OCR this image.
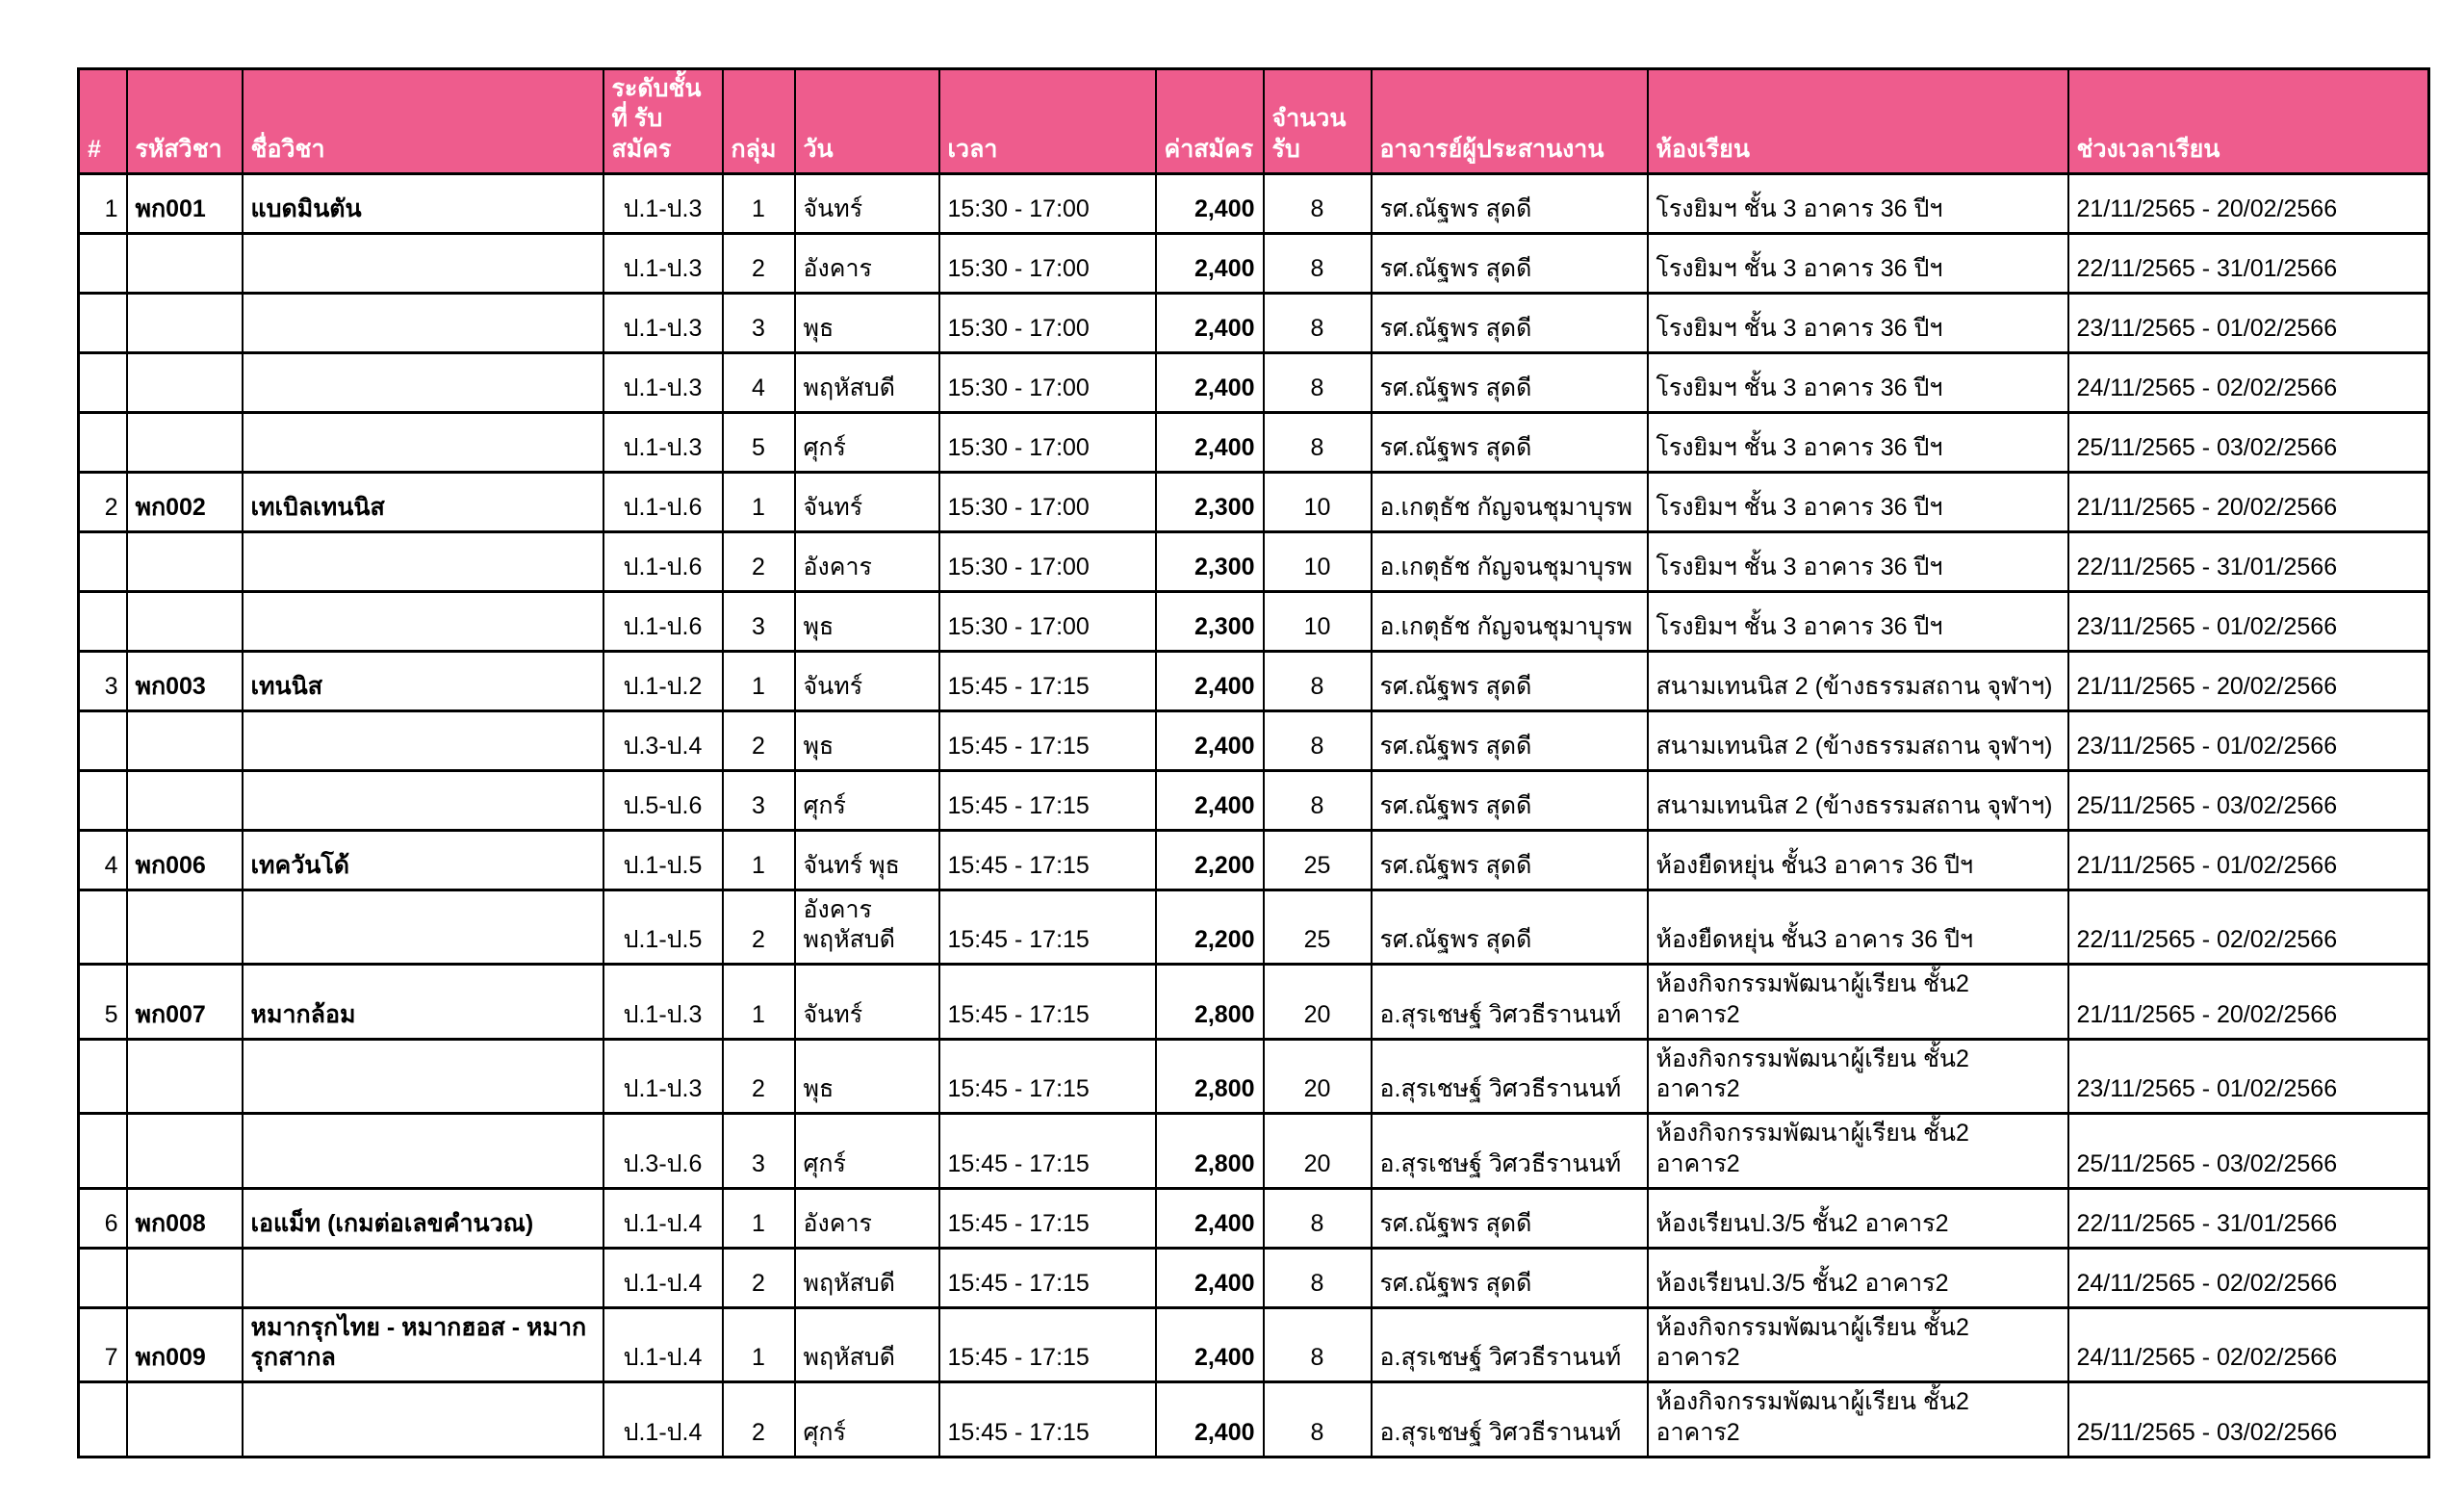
#	รหัสวิชา	ชื่อวิชา	ระดับชั้นที่ รับสมัคร	กลุ่ม	วัน	เวลา	ค่าสมัคร	จำนวนรับ	อาจารย์ผู้ประสานงาน	ห้องเรียน	ช่วงเวลาเรียน
1	พก001	แบดมินตัน	ป.1-ป.3	1	จันทร์	15:30 - 17:00	2,400	8	รศ.ณัฐพร สุดดี	โรงยิมฯ ชั้น 3 อาคาร 36 ปีฯ	21/11/2565 - 20/02/2566
			ป.1-ป.3	2	อังคาร	15:30 - 17:00	2,400	8	รศ.ณัฐพร สุดดี	โรงยิมฯ ชั้น 3 อาคาร 36 ปีฯ	22/11/2565 - 31/01/2566
			ป.1-ป.3	3	พุธ	15:30 - 17:00	2,400	8	รศ.ณัฐพร สุดดี	โรงยิมฯ ชั้น 3 อาคาร 36 ปีฯ	23/11/2565 - 01/02/2566
			ป.1-ป.3	4	พฤหัสบดี	15:30 - 17:00	2,400	8	รศ.ณัฐพร สุดดี	โรงยิมฯ ชั้น 3 อาคาร 36 ปีฯ	24/11/2565 - 02/02/2566
			ป.1-ป.3	5	ศุกร์	15:30 - 17:00	2,400	8	รศ.ณัฐพร สุดดี	โรงยิมฯ ชั้น 3 อาคาร 36 ปีฯ	25/11/2565 - 03/02/2566
2	พก002	เทเบิลเทนนิส	ป.1-ป.6	1	จันทร์	15:30 - 17:00	2,300	10	อ.เกตุธัช กัญจนชุมาบุรพ	โรงยิมฯ ชั้น 3 อาคาร 36 ปีฯ	21/11/2565 - 20/02/2566
			ป.1-ป.6	2	อังคาร	15:30 - 17:00	2,300	10	อ.เกตุธัช กัญจนชุมาบุรพ	โรงยิมฯ ชั้น 3 อาคาร 36 ปีฯ	22/11/2565 - 31/01/2566
			ป.1-ป.6	3	พุธ	15:30 - 17:00	2,300	10	อ.เกตุธัช กัญจนชุมาบุรพ	โรงยิมฯ ชั้น 3 อาคาร 36 ปีฯ	23/11/2565 - 01/02/2566
3	พก003	เทนนิส	ป.1-ป.2	1	จันทร์	15:45 - 17:15	2,400	8	รศ.ณัฐพร สุดดี	สนามเทนนิส 2 (ข้างธรรมสถาน จุฬาฯ)	21/11/2565 - 20/02/2566
			ป.3-ป.4	2	พุธ	15:45 - 17:15	2,400	8	รศ.ณัฐพร สุดดี	สนามเทนนิส 2 (ข้างธรรมสถาน จุฬาฯ)	23/11/2565 - 01/02/2566
			ป.5-ป.6	3	ศุกร์	15:45 - 17:15	2,400	8	รศ.ณัฐพร สุดดี	สนามเทนนิส 2 (ข้างธรรมสถาน จุฬาฯ)	25/11/2565 - 03/02/2566
4	พก006	เทควันโด้	ป.1-ป.5	1	จันทร์ พุธ	15:45 - 17:15	2,200	25	รศ.ณัฐพร สุดดี	ห้องยืดหยุ่น ชั้น3 อาคาร 36 ปีฯ	21/11/2565 - 01/02/2566
			ป.1-ป.5	2	อังคาร พฤหัสบดี	15:45 - 17:15	2,200	25	รศ.ณัฐพร สุดดี	ห้องยืดหยุ่น ชั้น3 อาคาร 36 ปีฯ	22/11/2565 - 02/02/2566
5	พก007	หมากล้อม	ป.1-ป.3	1	จันทร์	15:45 - 17:15	2,800	20	อ.สุรเชษฐ์ วิศวธีรานนท์	ห้องกิจกรรมพัฒนาผู้เรียน ชั้น2 อาคาร2	21/11/2565 - 20/02/2566
			ป.1-ป.3	2	พุธ	15:45 - 17:15	2,800	20	อ.สุรเชษฐ์ วิศวธีรานนท์	ห้องกิจกรรมพัฒนาผู้เรียน ชั้น2 อาคาร2	23/11/2565 - 01/02/2566
			ป.3-ป.6	3	ศุกร์	15:45 - 17:15	2,800	20	อ.สุรเชษฐ์ วิศวธีรานนท์	ห้องกิจกรรมพัฒนาผู้เรียน ชั้น2 อาคาร2	25/11/2565 - 03/02/2566
6	พก008	เอแม็ท (เกมต่อเลขคำนวณ)	ป.1-ป.4	1	อังคาร	15:45 - 17:15	2,400	8	รศ.ณัฐพร สุดดี	ห้องเรียนป.3/5 ชั้น2 อาคาร2	22/11/2565 - 31/01/2566
			ป.1-ป.4	2	พฤหัสบดี	15:45 - 17:15	2,400	8	รศ.ณัฐพร สุดดี	ห้องเรียนป.3/5 ชั้น2 อาคาร2	24/11/2565 - 02/02/2566
7	พก009	หมากรุกไทย - หมากฮอส - หมากรุกสากล	ป.1-ป.4	1	พฤหัสบดี	15:45 - 17:15	2,400	8	อ.สุรเชษฐ์ วิศวธีรานนท์	ห้องกิจกรรมพัฒนาผู้เรียน ชั้น2 อาคาร2	24/11/2565 - 02/02/2566
			ป.1-ป.4	2	ศุกร์	15:45 - 17:15	2,400	8	อ.สุรเชษฐ์ วิศวธีรานนท์	ห้องกิจกรรมพัฒนาผู้เรียน ชั้น2 อาคาร2	25/11/2565 - 03/02/2566
